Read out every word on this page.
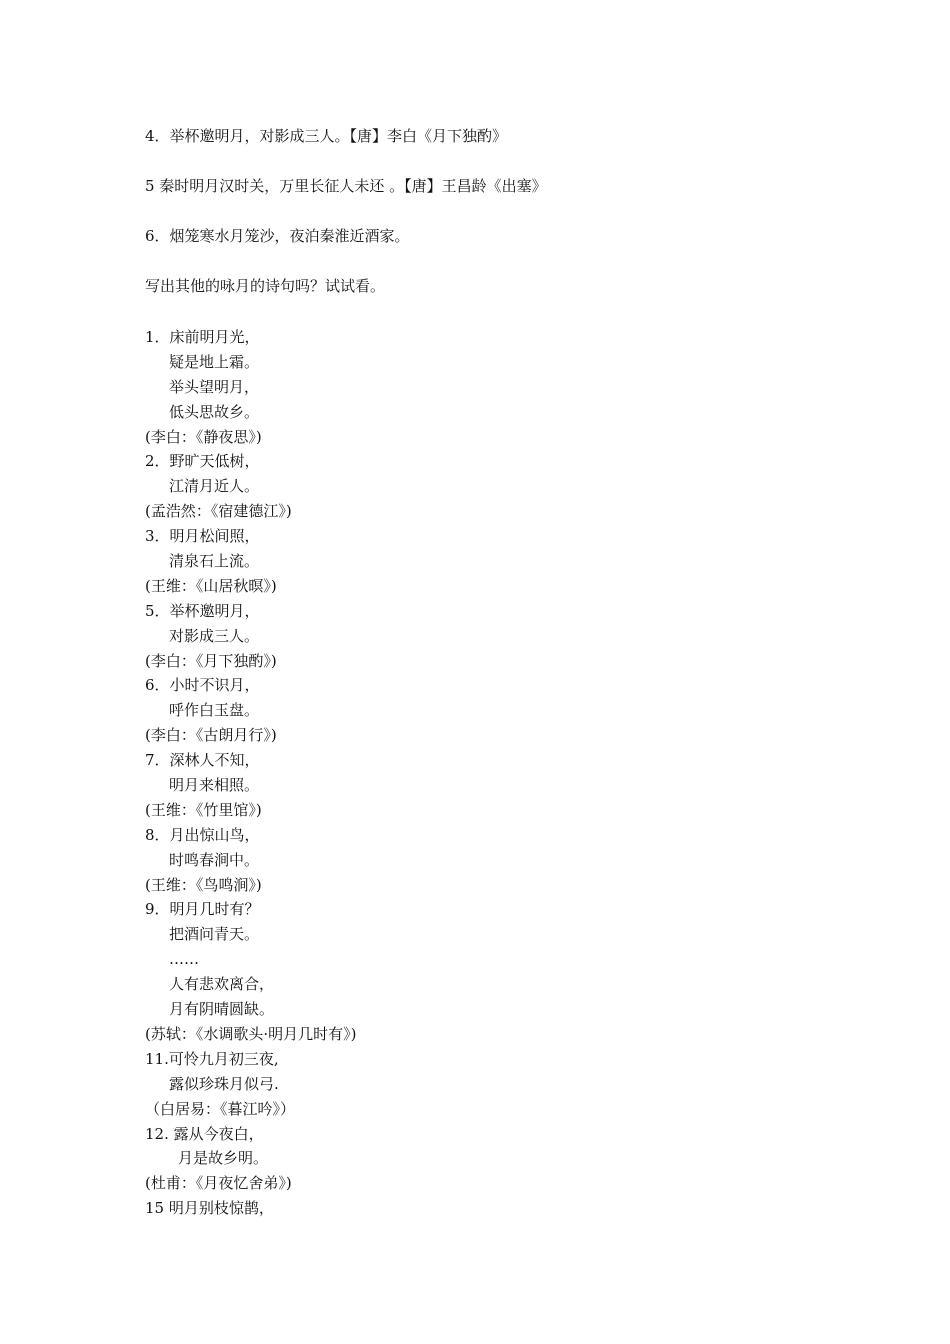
4．举杯邀明月，对影成三人。【唐】李白《月下独酌》
5 秦时明月汉时关，万里长征人未还 。【唐】王昌龄《出塞》
6．烟笼寒水月笼沙，夜泊秦淮近酒家。
写出其他的咏月的诗句吗？试试看。
1．床前明月光，
疑是地上霜。
举头望明月，
低头思故乡。
(李白：《静夜思》)
2．野旷天低树，
江清月近人。
(孟浩然：《宿建德江》)
3．明月松间照，
清泉石上流。
(王维：《山居秋暝》)
5．举杯邀明月，
对影成三人。
(李白：《月下独酌》)
6．小时不识月，
呼作白玉盘。
(李白：《古朗月行》)
7．深林人不知，
明月来相照。
(王维：《竹里馆》)
8．月出惊山鸟，
时鸣春涧中。
(王维：《鸟鸣涧》)
9．明月几时有？
把酒问青天。
……
人有悲欢离合，
月有阴晴圆缺。
(苏轼：《水调歌头·明月几时有》)
11.可怜九月初三夜,
露似珍珠月似弓.
（白居易：《暮江吟》）
12. 露从今夜白，
月是故乡明。
(杜甫：《月夜忆舍弟》)
15 明月别枝惊鹊，
